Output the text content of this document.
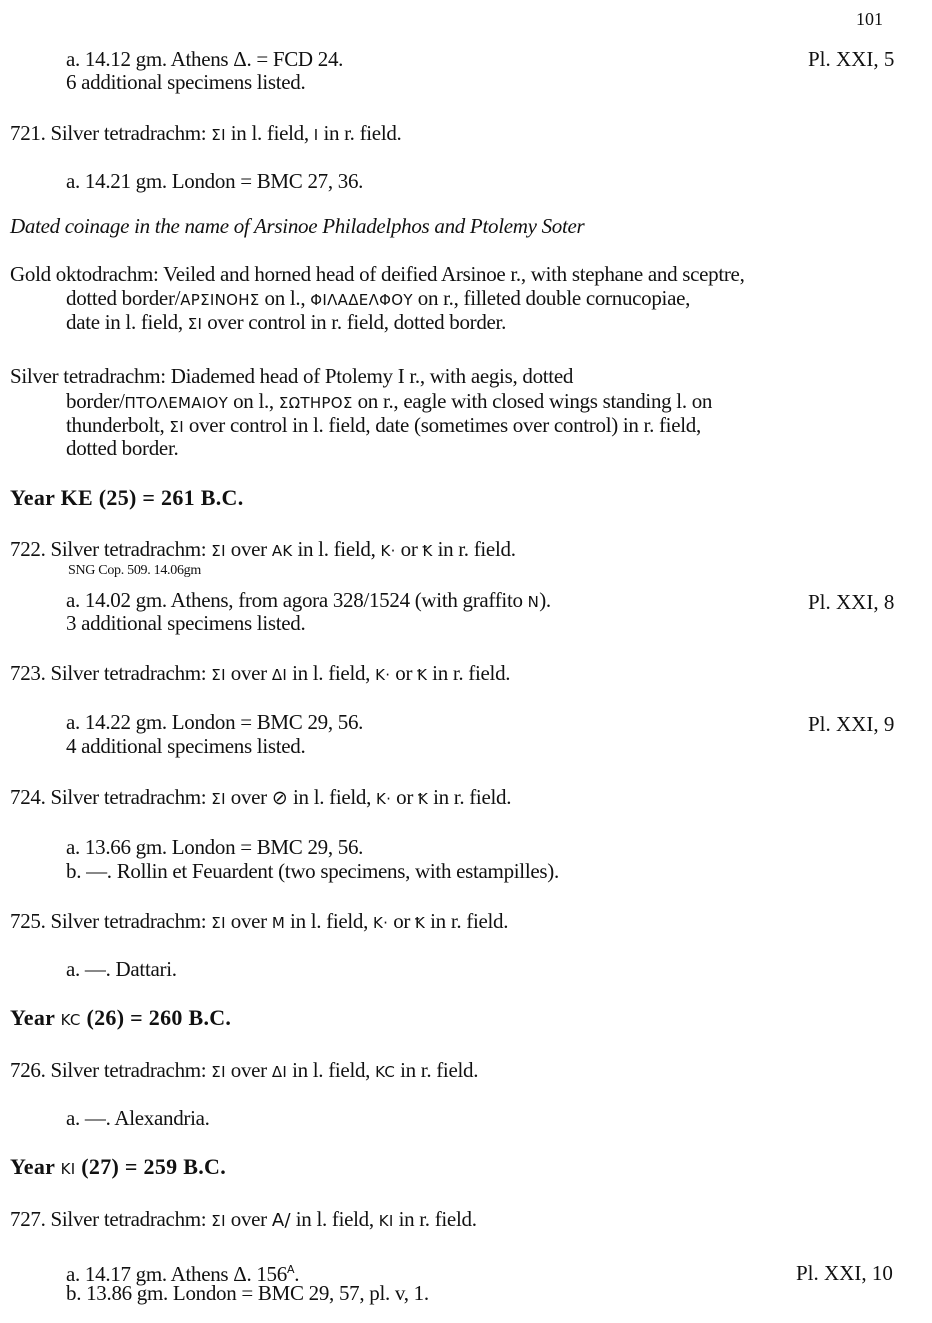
101
a. 14.12 gm. Athens Δ. = FCD 24.	Pl. XXI, 5
6 additional specimens listed.
721. Silver tetradrachm: ΣI in l. field, I in r. field.
a. 14.21 gm. London = BMC 27, 36.
Dated coinage in the name of Arsinoe Philadelphos and Ptolemy Soter
Gold oktodrachm: Veiled and horned head of deified Arsinoe r., with stephane and sceptre,
dotted border/ΑΡΣΙΝΟΗΣ on l., ΦΙΛΑΔΕΛΦΟΥ on r., filleted double cornucopiae,
date in l. field, ΣI over control in r. field, dotted border.
Silver tetradrachm: Diademed head of Ptolemy I r., with aegis, dotted
border/ΠΤΟΛΕΜΑΙΟΥ on l., ΣΩΤΗΡΟΣ on r., eagle with closed wings standing l. on
thunderbolt, ΣI over control in l. field, date (sometimes over control) in r. field,
dotted border.
Year KE (25) = 261 B.C.
722. Silver tetradrachm: ΣI over AK in l. field, K· or Ꝁ in r. field.
SNG Cop. 509. 14.06gm
a. 14.02 gm. Athens, from agora 328/1524 (with graffito Ν).	Pl. XXI, 8
3 additional specimens listed.
723. Silver tetradrachm: ΣI over ΔI in l. field, K· or Ꝁ in r. field.
a. 14.22 gm. London = BMC 29, 56.	Pl. XXI, 9
4 additional specimens listed.
724. Silver tetradrachm: ΣI over ⊘ in l. field, K· or Ꝁ in r. field.
a. 13.66 gm. London = BMC 29, 56.
b. —. Rollin et Feuardent (two specimens, with estampilles).
725. Silver tetradrachm: ΣI over M in l. field, K· or Ꝁ in r. field.
a. —. Dattari.
Year KC (26) = 260 B.C.
726. Silver tetradrachm: ΣI over ΔI in l. field, KC in r. field.
a. —. Alexandria.
Year KI (27) = 259 B.C.
727. Silver tetradrachm: ΣI over A/ in l. field, KI in r. field.
a. 14.17 gm. Athens Δ. $156^A$.	Pl. XXI, 10
b. 13.86 gm. London = BMC 29, 57, pl. v, 1.
